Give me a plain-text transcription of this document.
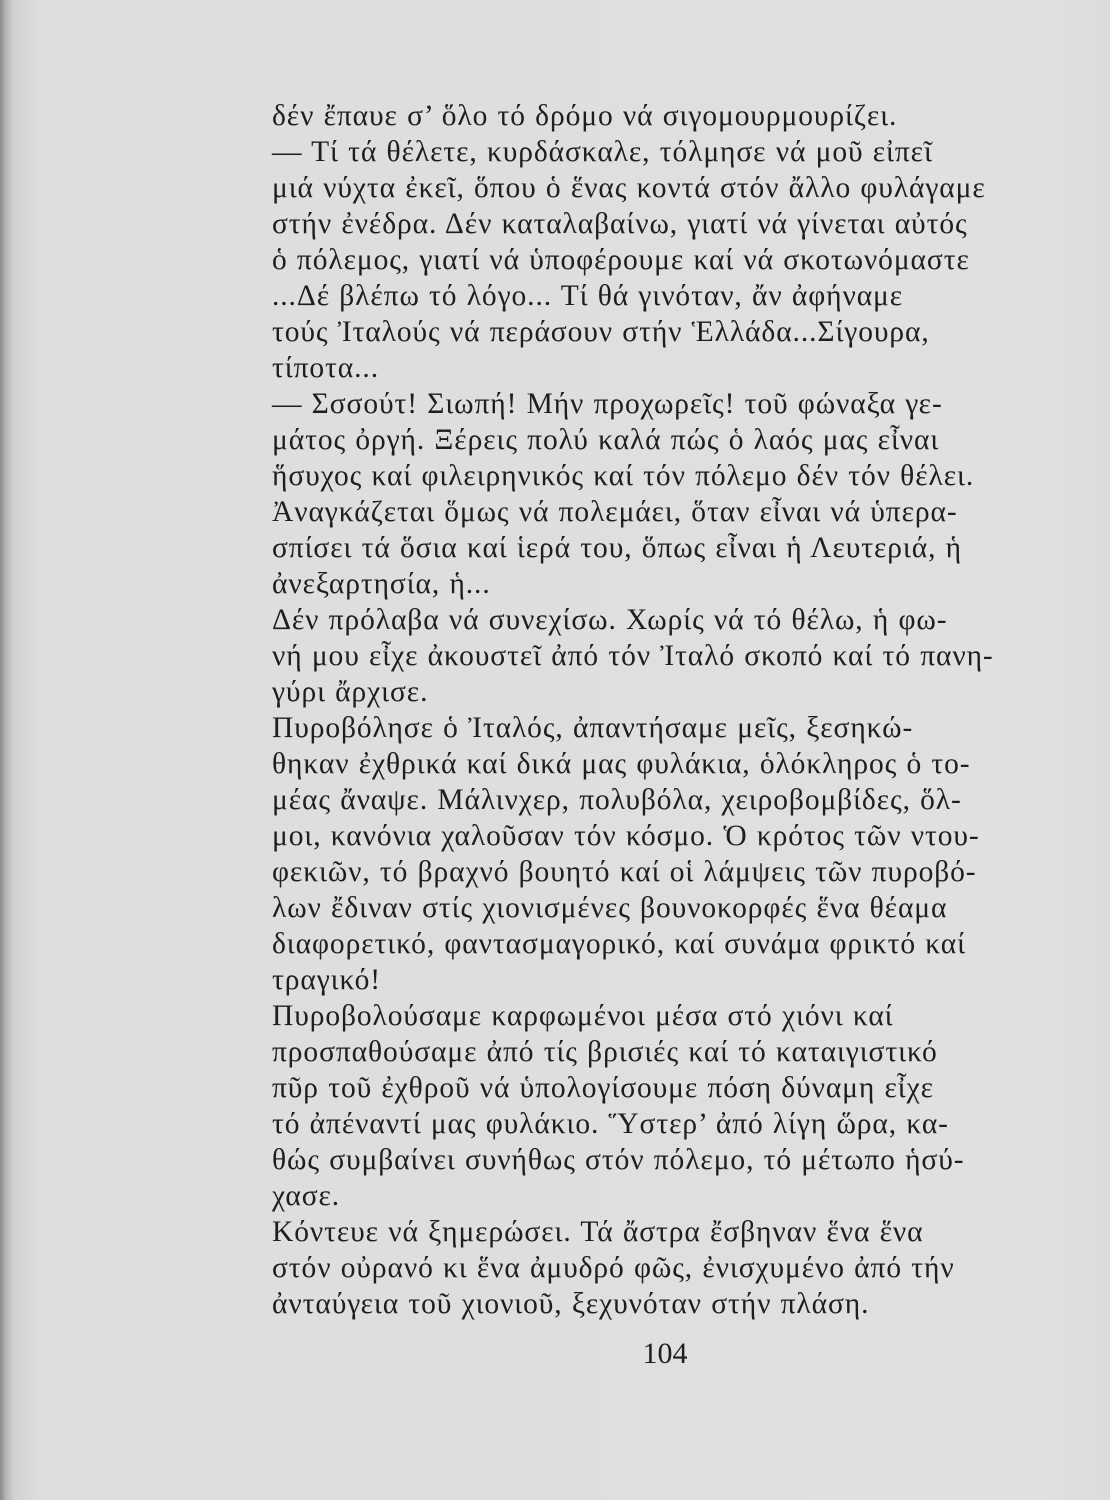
δέν ἔπαυε σ’ ὅλο τό δρόμο νά σιγομουρμουρίζει.
— Τί τά θέλετε, κυρδάσκαλε, τόλμησε νά μοῦ εἰπεῖ
μιά νύχτα ἐκεῖ, ὅπου ὁ ἕνας κοντά στόν ἄλλο φυλάγαμε
στήν ἐνέδρα. Δέν καταλαβαίνω, γιατί νά γίνεται αὐτός
ὁ πόλεμος, γιατί νά ὑποφέρουμε καί νά σκοτωνόμαστε
...Δέ βλέπω τό λόγο... Τί θά γινόταν, ἄν ἀφήναμε
τούς Ἰταλούς νά περάσουν στήν Ἑλλάδα...Σίγουρα,
τίποτα...
— Σσσούτ! Σιωπή! Μήν προχωρεῖς! τοῦ φώναξα γε-
μάτος ὀργή. Ξέρεις πολύ καλά πώς ὁ λαός μας εἶναι
ἥσυχος καί φιλειρηνικός καί τόν πόλεμο δέν τόν θέλει.
Ἀναγκάζεται ὅμως νά πολεμάει, ὅταν εἶναι νά ὑπερα-
σπίσει τά ὅσια καί ἱερά του, ὅπως εἶναι ἡ Λευτεριά, ἡ
ἀνεξαρτησία, ἡ...
Δέν πρόλαβα νά συνεχίσω. Χωρίς νά τό θέλω, ἡ φω-
νή μου εἶχε ἀκουστεῖ ἀπό τόν Ἰταλό σκοπό καί τό πανη-
γύρι ἄρχισε.
Πυροβόλησε ὁ Ἰταλός, ἀπαντήσαμε μεῖς, ξεσηκώ-
θηκαν ἐχθρικά καί δικά μας φυλάκια, ὁλόκληρος ὁ το-
μέας ἄναψε. Μάλινχερ, πολυβόλα, χειροβομβίδες, ὅλ-
μοι, κανόνια χαλοῦσαν τόν κόσμο. Ὁ κρότος τῶν ντου-
φεκιῶν, τό βραχνό βουητό καί οἱ λάμψεις τῶν πυροβό-
λων ἔδιναν στίς χιονισμένες βουνοκορφές ἕνα θέαμα
διαφορετικό, φαντασμαγορικό, καί συνάμα φρικτό καί
τραγικό!
Πυροβολούσαμε καρφωμένοι μέσα στό χιόνι καί
προσπαθούσαμε ἀπό τίς βρισιές καί τό καταιγιστικό
πῦρ τοῦ ἐχθροῦ νά ὑπολογίσουμε πόση δύναμη εἶχε
τό ἀπέναντί μας φυλάκιο. Ὕστερ’ ἀπό λίγη ὥρα, κα-
θώς συμβαίνει συνήθως στόν πόλεμο, τό μέτωπο ἡσύ-
χασε.
Κόντευε νά ξημερώσει. Τά ἄστρα ἔσβηναν ἕνα ἕνα
στόν οὐρανό κι ἕνα ἀμυδρό φῶς, ἐνισχυμένο ἀπό τήν
ἀνταύγεια τοῦ χιονιοῦ, ξεχυνόταν στήν πλάση.
104
